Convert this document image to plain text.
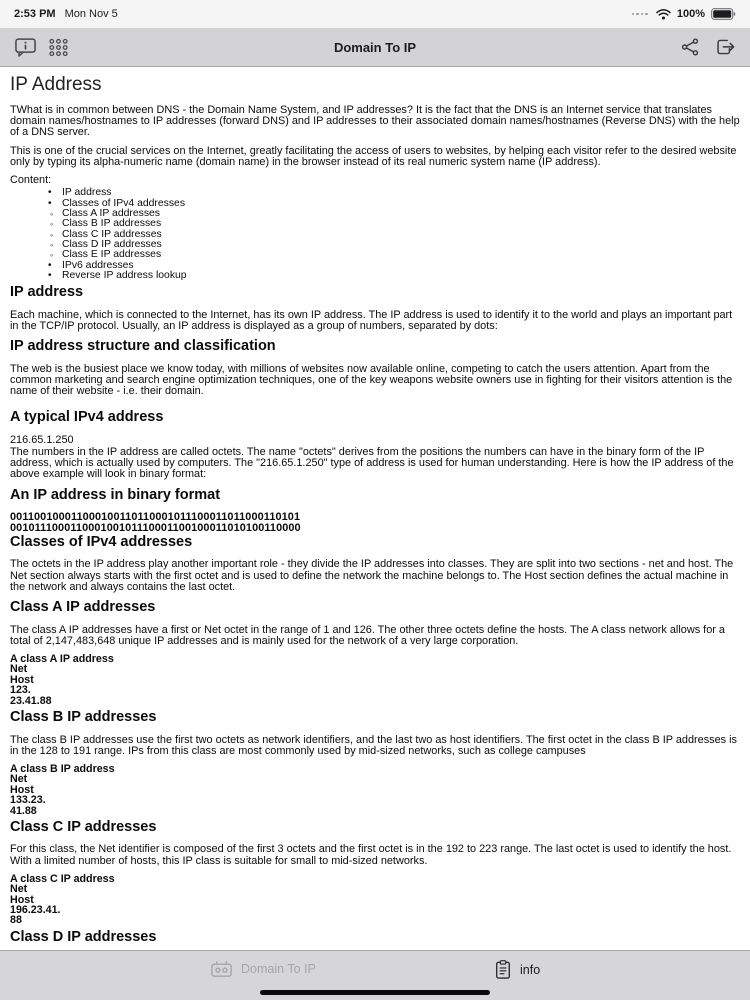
2:53 PM Mon Nov 5	100%
Domain To IP
IP Address

TWhat is in common between DNS - the Domain Name System, and IP addresses? It is the fact that the DNS is an Internet service that translates domain names/hostnames to IP addresses (forward DNS) and IP addresses to their associated domain names/hostnames (Reverse DNS) with the help of a DNS server.

This is one of the crucial services on the Internet, greatly facilitating the access of users to websites, by helping each visitor refer to the desired website only by typing its alpha-numeric name (domain name) in the browser instead of its real numeric system name (IP address).

Content:

•
IP address
•
Classes of IPv4 addresses
◦
Class A IP addresses
◦
Class B IP addresses
◦
Class C IP addresses
◦
Class D IP addresses
◦
Class E IP addresses
•
IPv6 addresses
•
Reverse IP address lookup
IP address

Each machine, which is connected to the Internet, has its own IP address. The IP address is used to identify it to the world and plays an important part in the TCP/IP protocol. Usually, an IP address is displayed as a group of numbers, separated by dots:

IP address structure and classification

The web is the busiest place we know today, with millions of websites now available online, competing to catch the users attention. Apart from the common marketing and search engine optimization techniques, one of the key weapons website owners use in fighting for their visitors attention is the name of their website - i.e. their domain.

A typical IPv4 address

216.65.1.250

The numbers in the IP address are called octets. The name "octets" derives from the positions the numbers can have in the binary form of the IP address, which is actually used by computers. The "216.65.1.250" type of address is used for human understanding. Here is how the IP address of the above example will look in binary format:

An IP address in binary format

001100100011000100110110001011100011011000110101

001011100011000100101110001100100011010100110000

Classes of IPv4 addresses

The octets in the IP address play another important role - they divide the IP addresses into classes. They are split into two sections - net and host. The Net section always starts with the first octet and is used to define the network the machine belongs to. The Host section defines the actual machine in the network and always contains the last octet.

Class A IP addresses

The class A IP addresses have a first or Net octet in the range of 1 and 126. The other three octets define the hosts. The A class network allows for a total of 2,147,483,648 unique IP addresses and is mainly used for the network of a very large corporation.

A class A IP address
Net
Host
123.
23.41.88
Class B IP addresses

The class B IP addresses use the first two octets as network identifiers, and the last two as host identifiers. The first octet in the class B IP addresses is in the 128 to 191 range. IPs from this class are most commonly used by mid-sized networks, such as college campuses

A class B IP address
Net
Host
133.23.
41.88
Class C IP addresses

For this class, the Net identifier is composed of the first 3 octets and the first octet is in the 192 to 223 range. The last octet is used to identify the host. With a limited number of hosts, this IP class is suitable for small to mid-sized networks.

A class C IP address
Net
Host
196.23.41.
88
Class D IP addresses

Domain To IP	info
